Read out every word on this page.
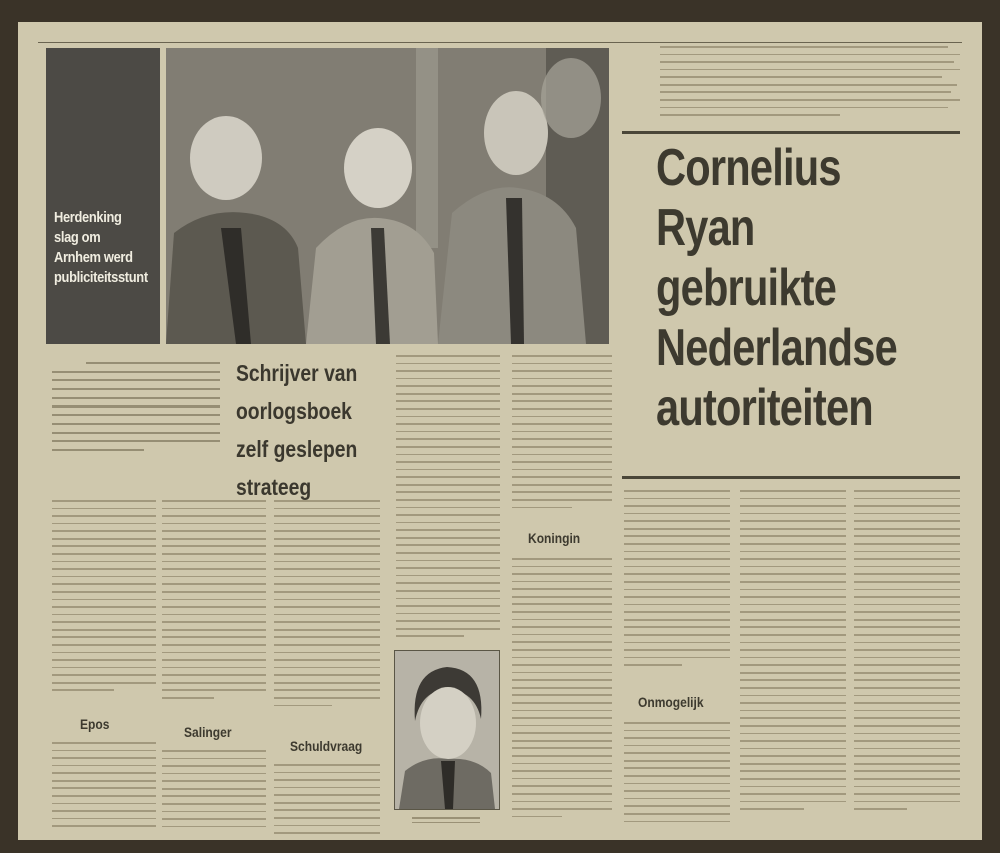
Herdenking slag om Arnhem werd publiciteitsstunt
Cornelius
Ryan
gebruikte
Nederlandse
autoriteiten
Schrijver van
oorlogsboek
zelf geslepen
strateeg
Epos	Salinger
Schuldvraag
Koningin
Onmogelijk
